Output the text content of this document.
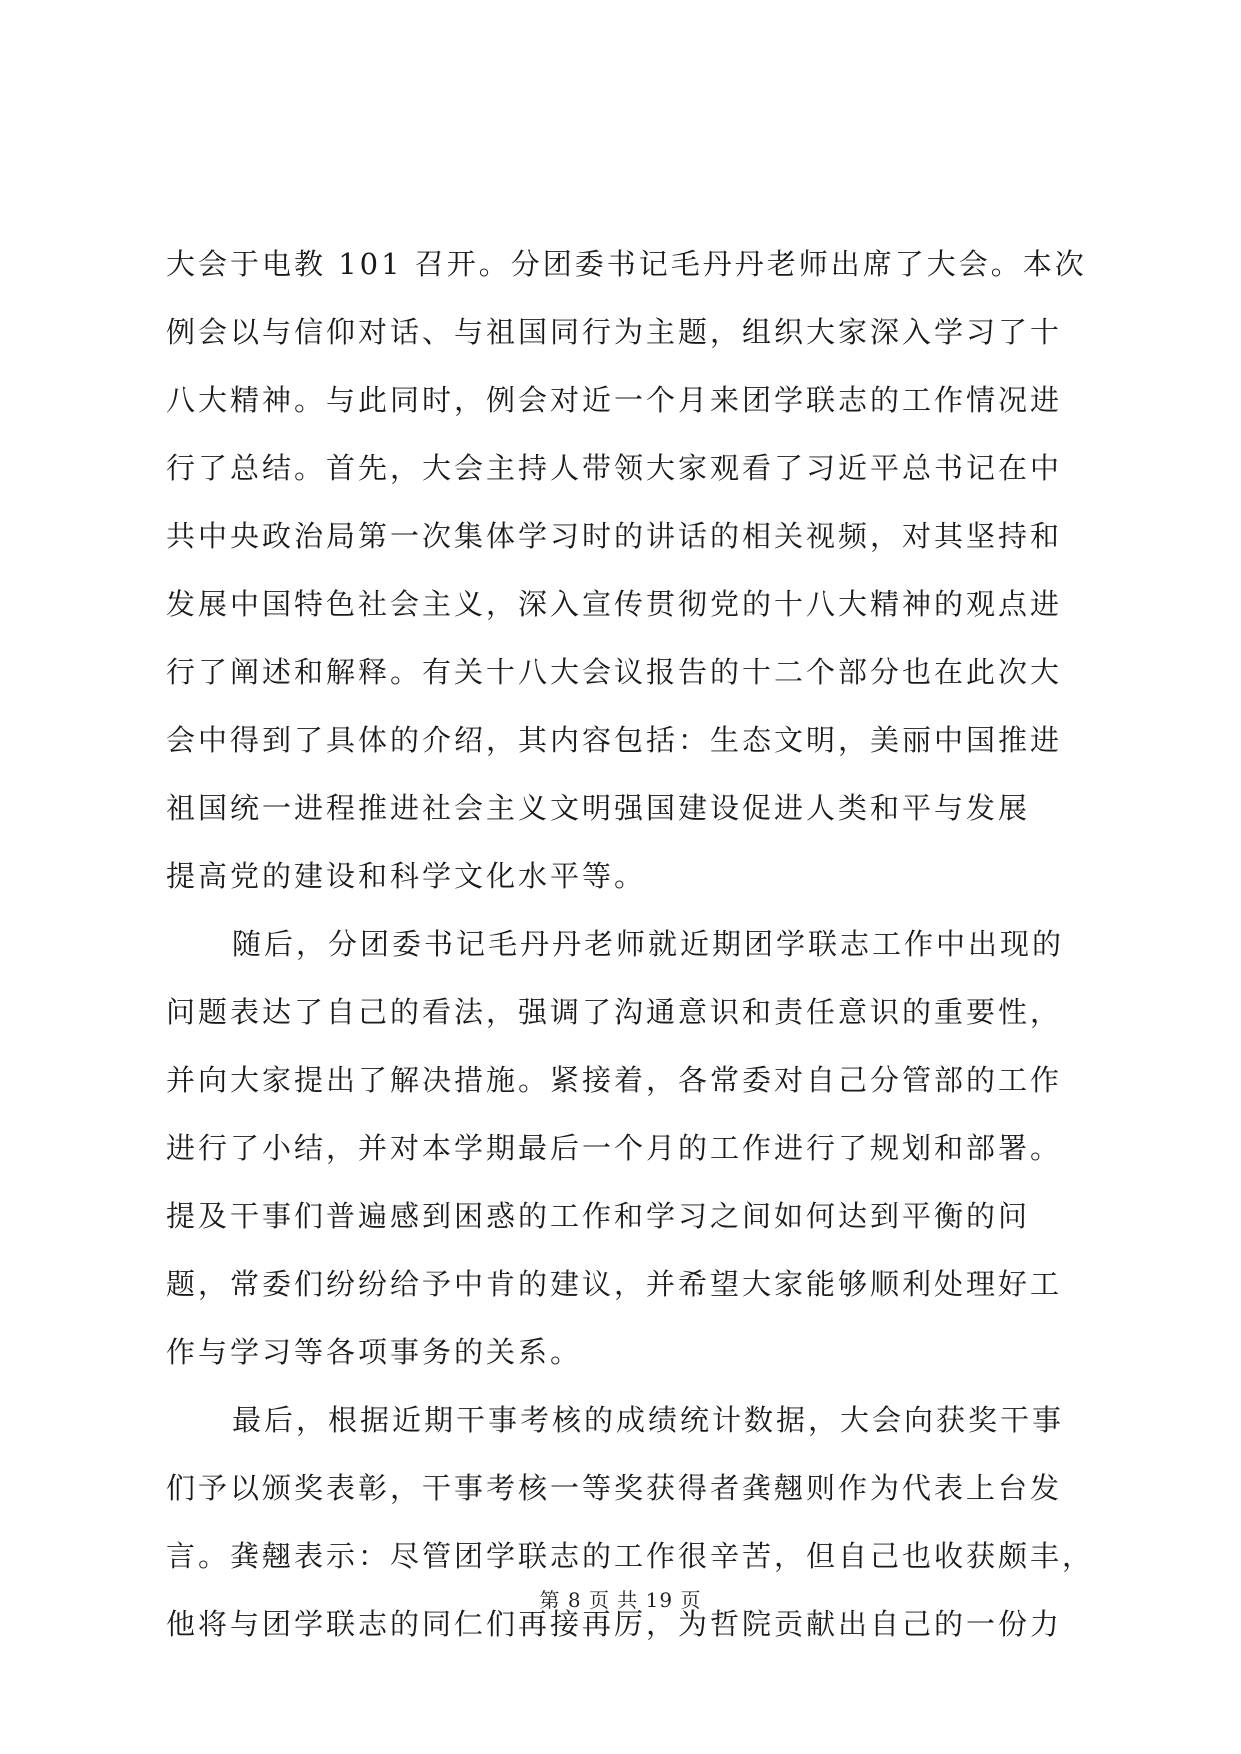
大会于电教 101 召开。分团委书记毛丹丹老师出席了大会。本次
例会以与信仰对话、与祖国同行为主题，组织大家深入学习了十
八大精神。与此同时，例会对近一个月来团学联志的工作情况进
行了总结。首先，大会主持人带领大家观看了习近平总书记在中
共中央政治局第一次集体学习时的讲话的相关视频，对其坚持和
发展中国特色社会主义，深入宣传贯彻党的十八大精神的观点进
行了阐述和解释。有关十八大会议报告的十二个部分也在此次大
会中得到了具体的介绍，其内容包括：生态文明，美丽中国推进
祖国统一进程推进社会主义文明强国建设促进人类和平与发展
提高党的建设和科学文化水平等。
随后，分团委书记毛丹丹老师就近期团学联志工作中出现的
问题表达了自己的看法，强调了沟通意识和责任意识的重要性，
并向大家提出了解决措施。紧接着，各常委对自己分管部的工作
进行了小结，并对本学期最后一个月的工作进行了规划和部署。
提及干事们普遍感到困惑的工作和学习之间如何达到平衡的问
题，常委们纷纷给予中肯的建议，并希望大家能够顺利处理好工
作与学习等各项事务的关系。
最后，根据近期干事考核的成绩统计数据，大会向获奖干事
们予以颁奖表彰，干事考核一等奖获得者龚翹则作为代表上台发
言。龚翹表示：尽管团学联志的工作很辛苦，但自己也收获颇丰，
他将与团学联志的同仁们再接再厉，为哲院贡献出自己的一份力
第 8 页 共 19 页
